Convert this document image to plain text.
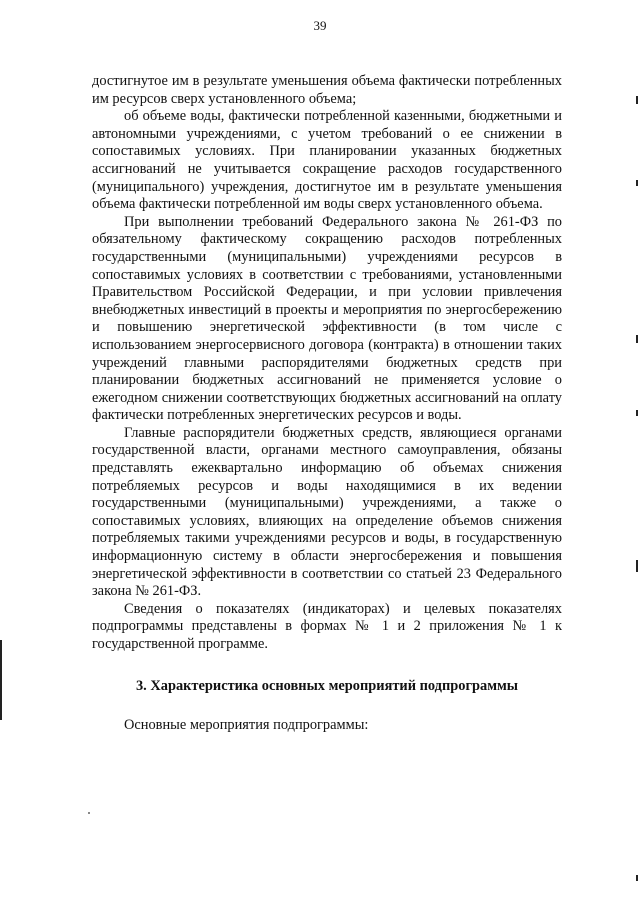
39

достигнутое им в результате уменьшения объема фактически потребленных им ресурсов сверх установленного объема;

об объеме воды, фактически потребленной казенными, бюджетными и автономными учреждениями, с учетом требований о ее снижении в сопоставимых условиях. При планировании указанных бюджетных ассигнований не учитывается сокращение расходов государственного (муниципального) учреждения, достигнутое им в результате уменьшения объема фактически потребленной им воды сверх установленного объема.

При выполнении требований Федерального закона № 261-ФЗ по обязательному фактическому сокращению расходов потребленных государственными (муниципальными) учреждениями ресурсов в сопоставимых условиях в соответствии с требованиями, установленными Правительством Российской Федерации, и при условии привлечения внебюджетных инвестиций в проекты и мероприятия по энергосбережению и повышению энергетической эффективности (в том числе с использованием энергосервисного договора (контракта) в отношении таких учреждений главными распорядителями бюджетных средств при планировании бюджетных ассигнований не применяется условие о ежегодном снижении соответствующих бюджетных ассигнований на оплату фактически потребленных энергетических ресурсов и воды.

Главные распорядители бюджетных средств, являющиеся органами государственной власти, органами местного самоуправления, обязаны представлять ежеквартально информацию об объемах снижения потребляемых ресурсов и воды находящимися в их ведении государственными (муниципальными) учреждениями, а также о сопоставимых условиях, влияющих на определение объемов снижения потребляемых такими учреждениями ресурсов и воды, в государственную информационную систему в области энергосбережения и повышения энергетической эффективности в соответствии со статьей 23 Федерального закона № 261-ФЗ.

Сведения о показателях (индикаторах) и целевых показателях подпрограммы представлены в формах № 1 и 2 приложения № 1 к государственной программе.

3. Характеристика основных мероприятий подпрограммы

Основные мероприятия подпрограммы:
